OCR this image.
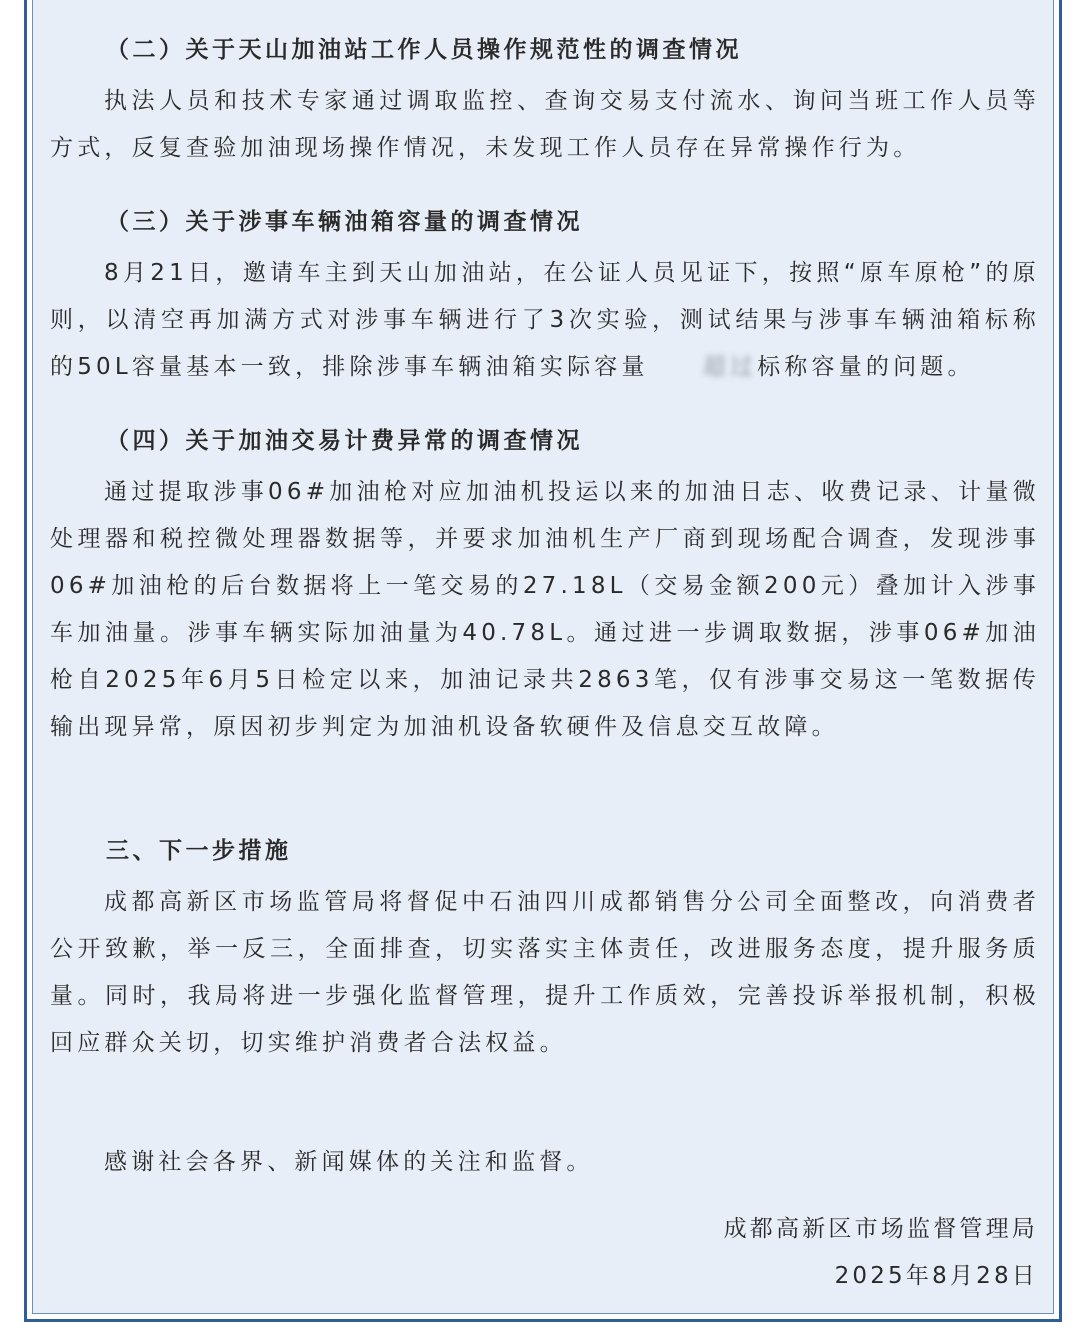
（二）关于天山加油站工作人员操作规范性的调查情况

执法人员和技术专家通过调取监控、查询交易支付流水、询问当班工作人员等方式，反复查验加油现场操作情况，未发现工作人员存在异常操作行为。

（三）关于涉事车辆油箱容量的调查情况

8月21日，邀请车主到天山加油站，在公证人员见证下，按照“原车原枪”的原则，以清空再加满方式对涉事车辆进行了3次实验，测试结果与涉事车辆油箱标称的50L容量基本一致，排除涉事车辆油箱实际容量 超过标称容量的问题。

（四）关于加油交易计费异常的调查情况

通过提取涉事06#加油枪对应加油机投运以来的加油日志、收费记录、计量微处理器和税控微处理器数据等，并要求加油机生产厂商到现场配合调查，发现涉事06#加油枪的后台数据将上一笔交易的27.18L（交易金额200元）叠加计入涉事车加油量。涉事车辆实际加油量为40.78L。通过进一步调取数据，涉事06#加油枪自2025年6月5日检定以来，加油记录共2863笔，仅有涉事交易这一笔数据传输出现异常，原因初步判定为加油机设备软硬件及信息交互故障。

三、下一步措施

成都高新区市场监管局将督促中石油四川成都销售分公司全面整改，向消费者公开致歉，举一反三，全面排查，切实落实主体责任，改进服务态度，提升服务质量。同时，我局将进一步强化监督管理，提升工作质效，完善投诉举报机制，积极回应群众关切，切实维护消费者合法权益。

感谢社会各界、新闻媒体的关注和监督。

成都高新区市场监督管理局
2025年8月28日
